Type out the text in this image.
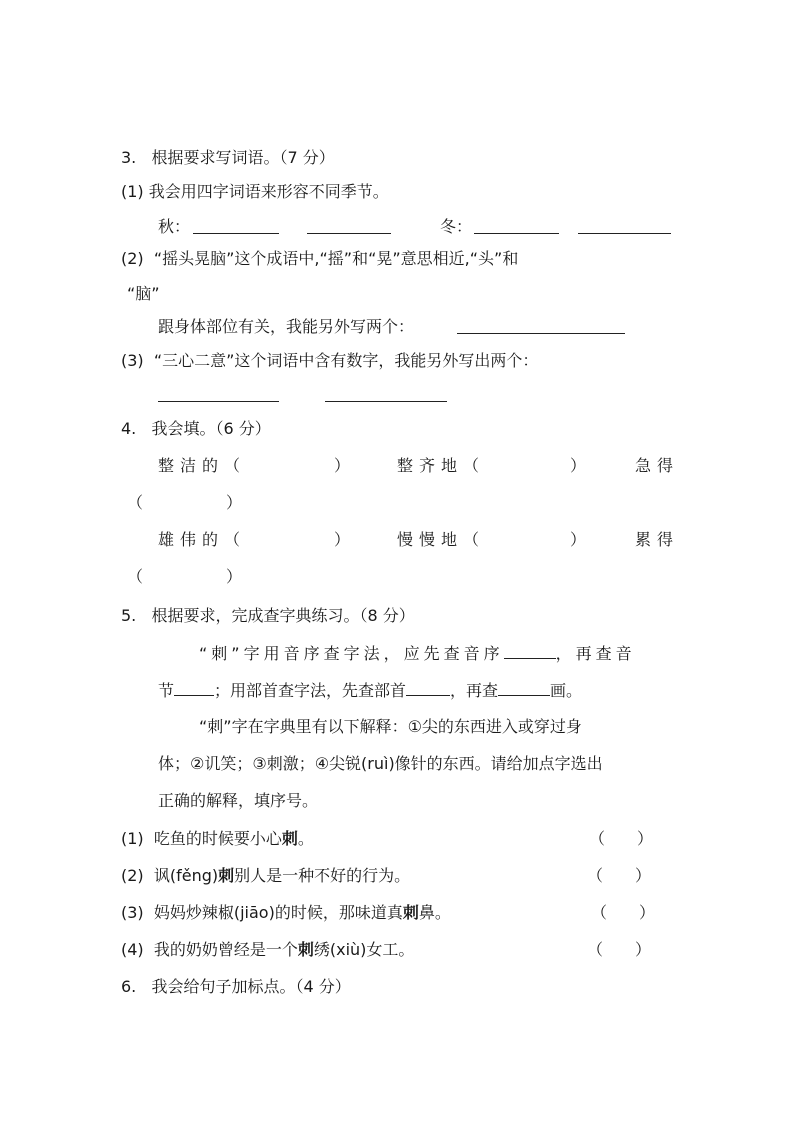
3. 根据要求写词语。（7 分）
(1) 我会用四字词语来形容不同季节。
秋：	冬：
(2) “摇头晃脑”这个成语中,“摇”和“晃”意思相近,“头”和
“脑”
跟身体部位有关，我能另外写两个：
(3) “三心二意”这个词语中含有数字，我能另外写出两个：
4. 我会填。（6 分）
整洁的（	）	整齐地（	）	急得
（	）
雄伟的（	）	慢慢地（	）	累得
（	）
5. 根据要求，完成查字典练习。（8 分）
“刺”字用音序查字法，应先查音序	，再查音
节	；用部首查字法，先查部首	，再查	画。
“刺”字在字典里有以下解释：①尖的东西进入或穿过身
体；②讥笑；③刺激；④尖锐(ruì)像针的东西。请给加点字选出
正确的解释，填序号。
(1) 吃鱼的时候要小心刺。	（　　）
(2) 讽(fěng)刺别人是一种不好的行为。	（　　）
(3) 妈妈炒辣椒(jiāo)的时候，那味道真刺鼻。	（　　）
(4) 我的奶奶曾经是一个刺绣(xiù)女工。	（　　）
6. 我会给句子加标点。（4 分）
